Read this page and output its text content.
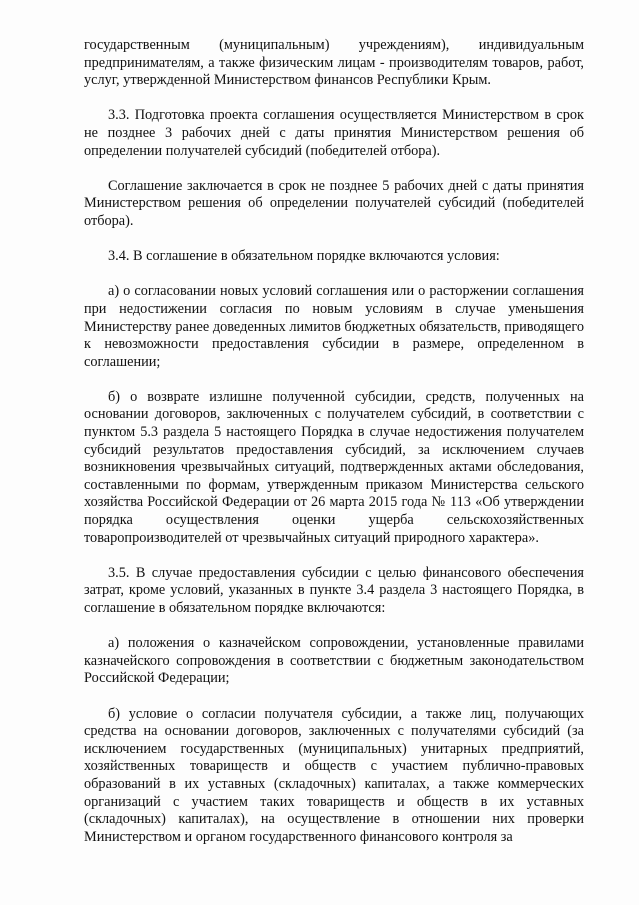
государственным (муниципальным) учреждениям), индивидуальным предпринимателям, а также физическим лицам - производителям товаров, работ, услуг, утвержденной Министерством финансов Республики Крым.

3.3. Подготовка проекта соглашения осуществляется Министерством в срок не позднее 3 рабочих дней с даты принятия Министерством решения об определении получателей субсидий (победителей отбора).

Соглашение заключается в срок не позднее 5 рабочих дней с даты принятия Министерством решения об определении получателей субсидий (победителей отбора).

3.4. В соглашение в обязательном порядке включаются условия:

а) о согласовании новых условий соглашения или о расторжении соглашения при недостижении согласия по новым условиям в случае уменьшения Министерству ранее доведенных лимитов бюджетных обязательств, приводящего к невозможности предоставления субсидии в размере, определенном в соглашении;

б) о возврате излишне полученной субсидии, средств, полученных на основании договоров, заключенных с получателем субсидий, в соответствии с пунктом 5.3 раздела 5 настоящего Порядка в случае недостижения получателем субсидий результатов предоставления субсидий, за исключением случаев возникновения чрезвычайных ситуаций, подтвержденных актами обследования, составленными по формам, утвержденным приказом Министерства сельского хозяйства Российской Федерации от 26 марта 2015 года № 113 «Об утверждении порядка осуществления оценки ущерба сельскохозяйственных товаропроизводителей от чрезвычайных ситуаций природного характера».

3.5. В случае предоставления субсидии с целью финансового обеспечения затрат, кроме условий, указанных в пункте 3.4 раздела 3 настоящего Порядка, в соглашение в обязательном порядке включаются:

а) положения о казначейском сопровождении, установленные правилами казначейского сопровождения в соответствии с бюджетным законодательством Российской Федерации;

б) условие о согласии получателя субсидии, а также лиц, получающих средства на основании договоров, заключенных с получателями субсидий (за исключением государственных (муниципальных) унитарных предприятий, хозяйственных товариществ и обществ с участием публично-правовых образований в их уставных (складочных) капиталах, а также коммерческих организаций с участием таких товариществ и обществ в их уставных (складочных) капиталах), на осуществление в отношении них проверки Министерством и органом государственного финансового контроля за
